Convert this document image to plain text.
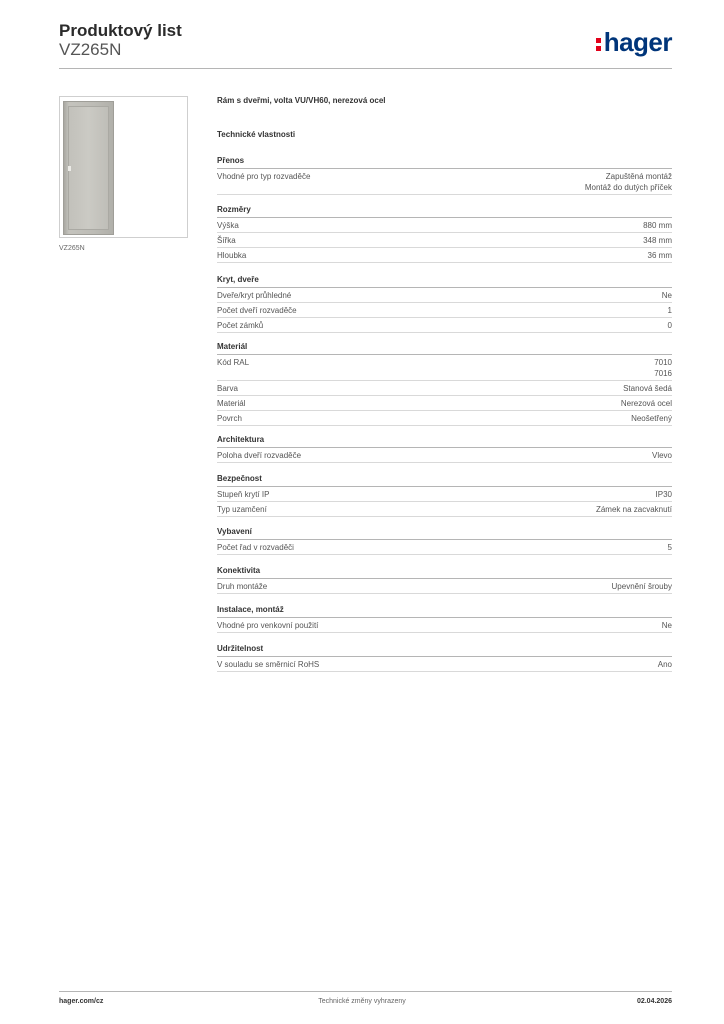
Produktový list
VZ265N	hager
VZ265N
Rám s dveřmi, volta VU/VH60, nerezová ocel
Technické vlastnosti
Přenos
Vhodné pro typ rozvaděče	Zapuštěná montáž
Montáž do dutých příček
Rozměry
Výška	880 mm
Šířka	348 mm
Hloubka	36 mm
Kryt, dveře
Dveře/kryt průhledné	Ne
Počet dveří rozvaděče	1
Počet zámků	0
Materiál
Kód RAL	7010
7016
Barva	Stanová šedá
Materiál	Nerezová ocel
Povrch	Neošetřený
Architektura
Poloha dveří rozvaděče	Vlevo
Bezpečnost
Stupeň krytí IP	IP30
Typ uzamčení	Zámek na zacvaknutí
Vybavení
Počet řad v rozvaděči	5
Konektivita
Druh montáže	Upevnění šrouby
Instalace, montáž
Vhodné pro venkovní použití	Ne
Udržitelnost
V souladu se směrnicí RoHS	Ano
hager.com/cz	Technické změny vyhrazeny	02.04.2026
